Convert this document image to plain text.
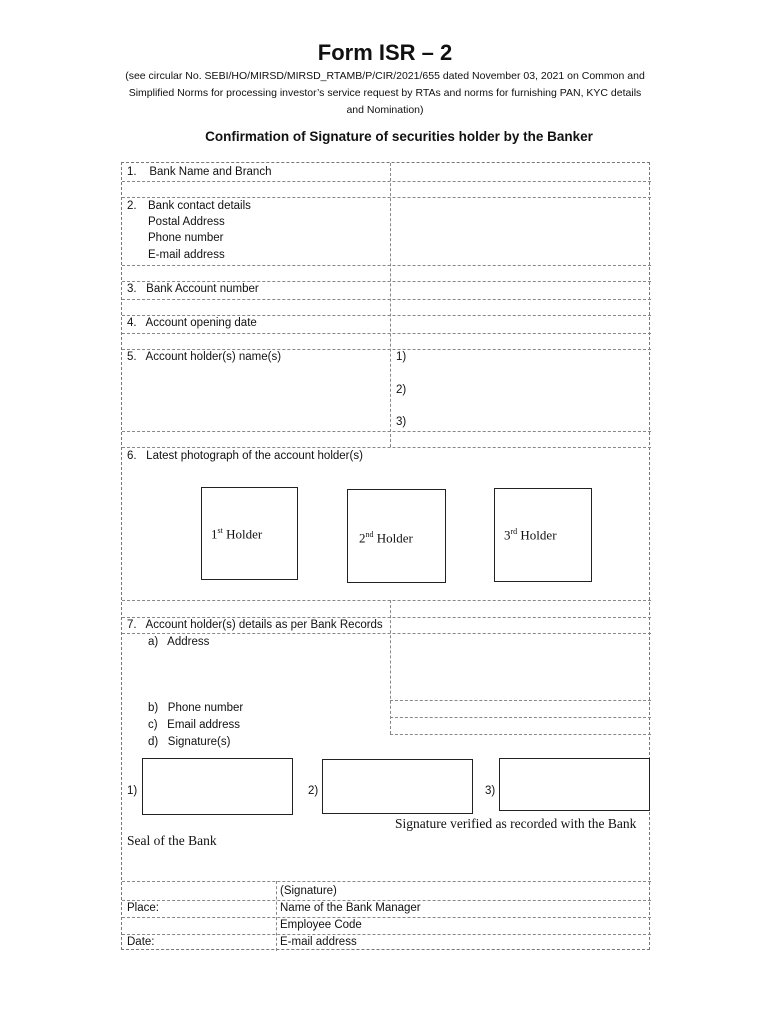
Form ISR – 2
(see circular No. SEBI/HO/MIRSD/MIRSD_RTAMB/P/CIR/2021/655 dated November 03, 2021 on Common and
Simplified Norms for processing investor’s service request by RTAs and norms for furnishing PAN, KYC details
and Nomination)
Confirmation of Signature of securities holder by the Banker
1.    Bank Name and Branch
2. Bank contact details
Postal Address
Phone number
E-mail address
3.   Bank Account number
4.   Account opening date
5.   Account holder(s) name(s)	1)
2)
3)
6.   Latest photograph of the account holder(s)
1st Holder	2nd Holder	3rd Holder
7.   Account holder(s) details as per Bank Records
a)   Address
b)   Phone number
c)   Email address
d)   Signature(s)
1)	2)	3)
Signature verified as recorded with the Bank
Seal of the Bank
(Signature)
Place:	Name of the Bank Manager
Employee Code
Date:	E-mail address
